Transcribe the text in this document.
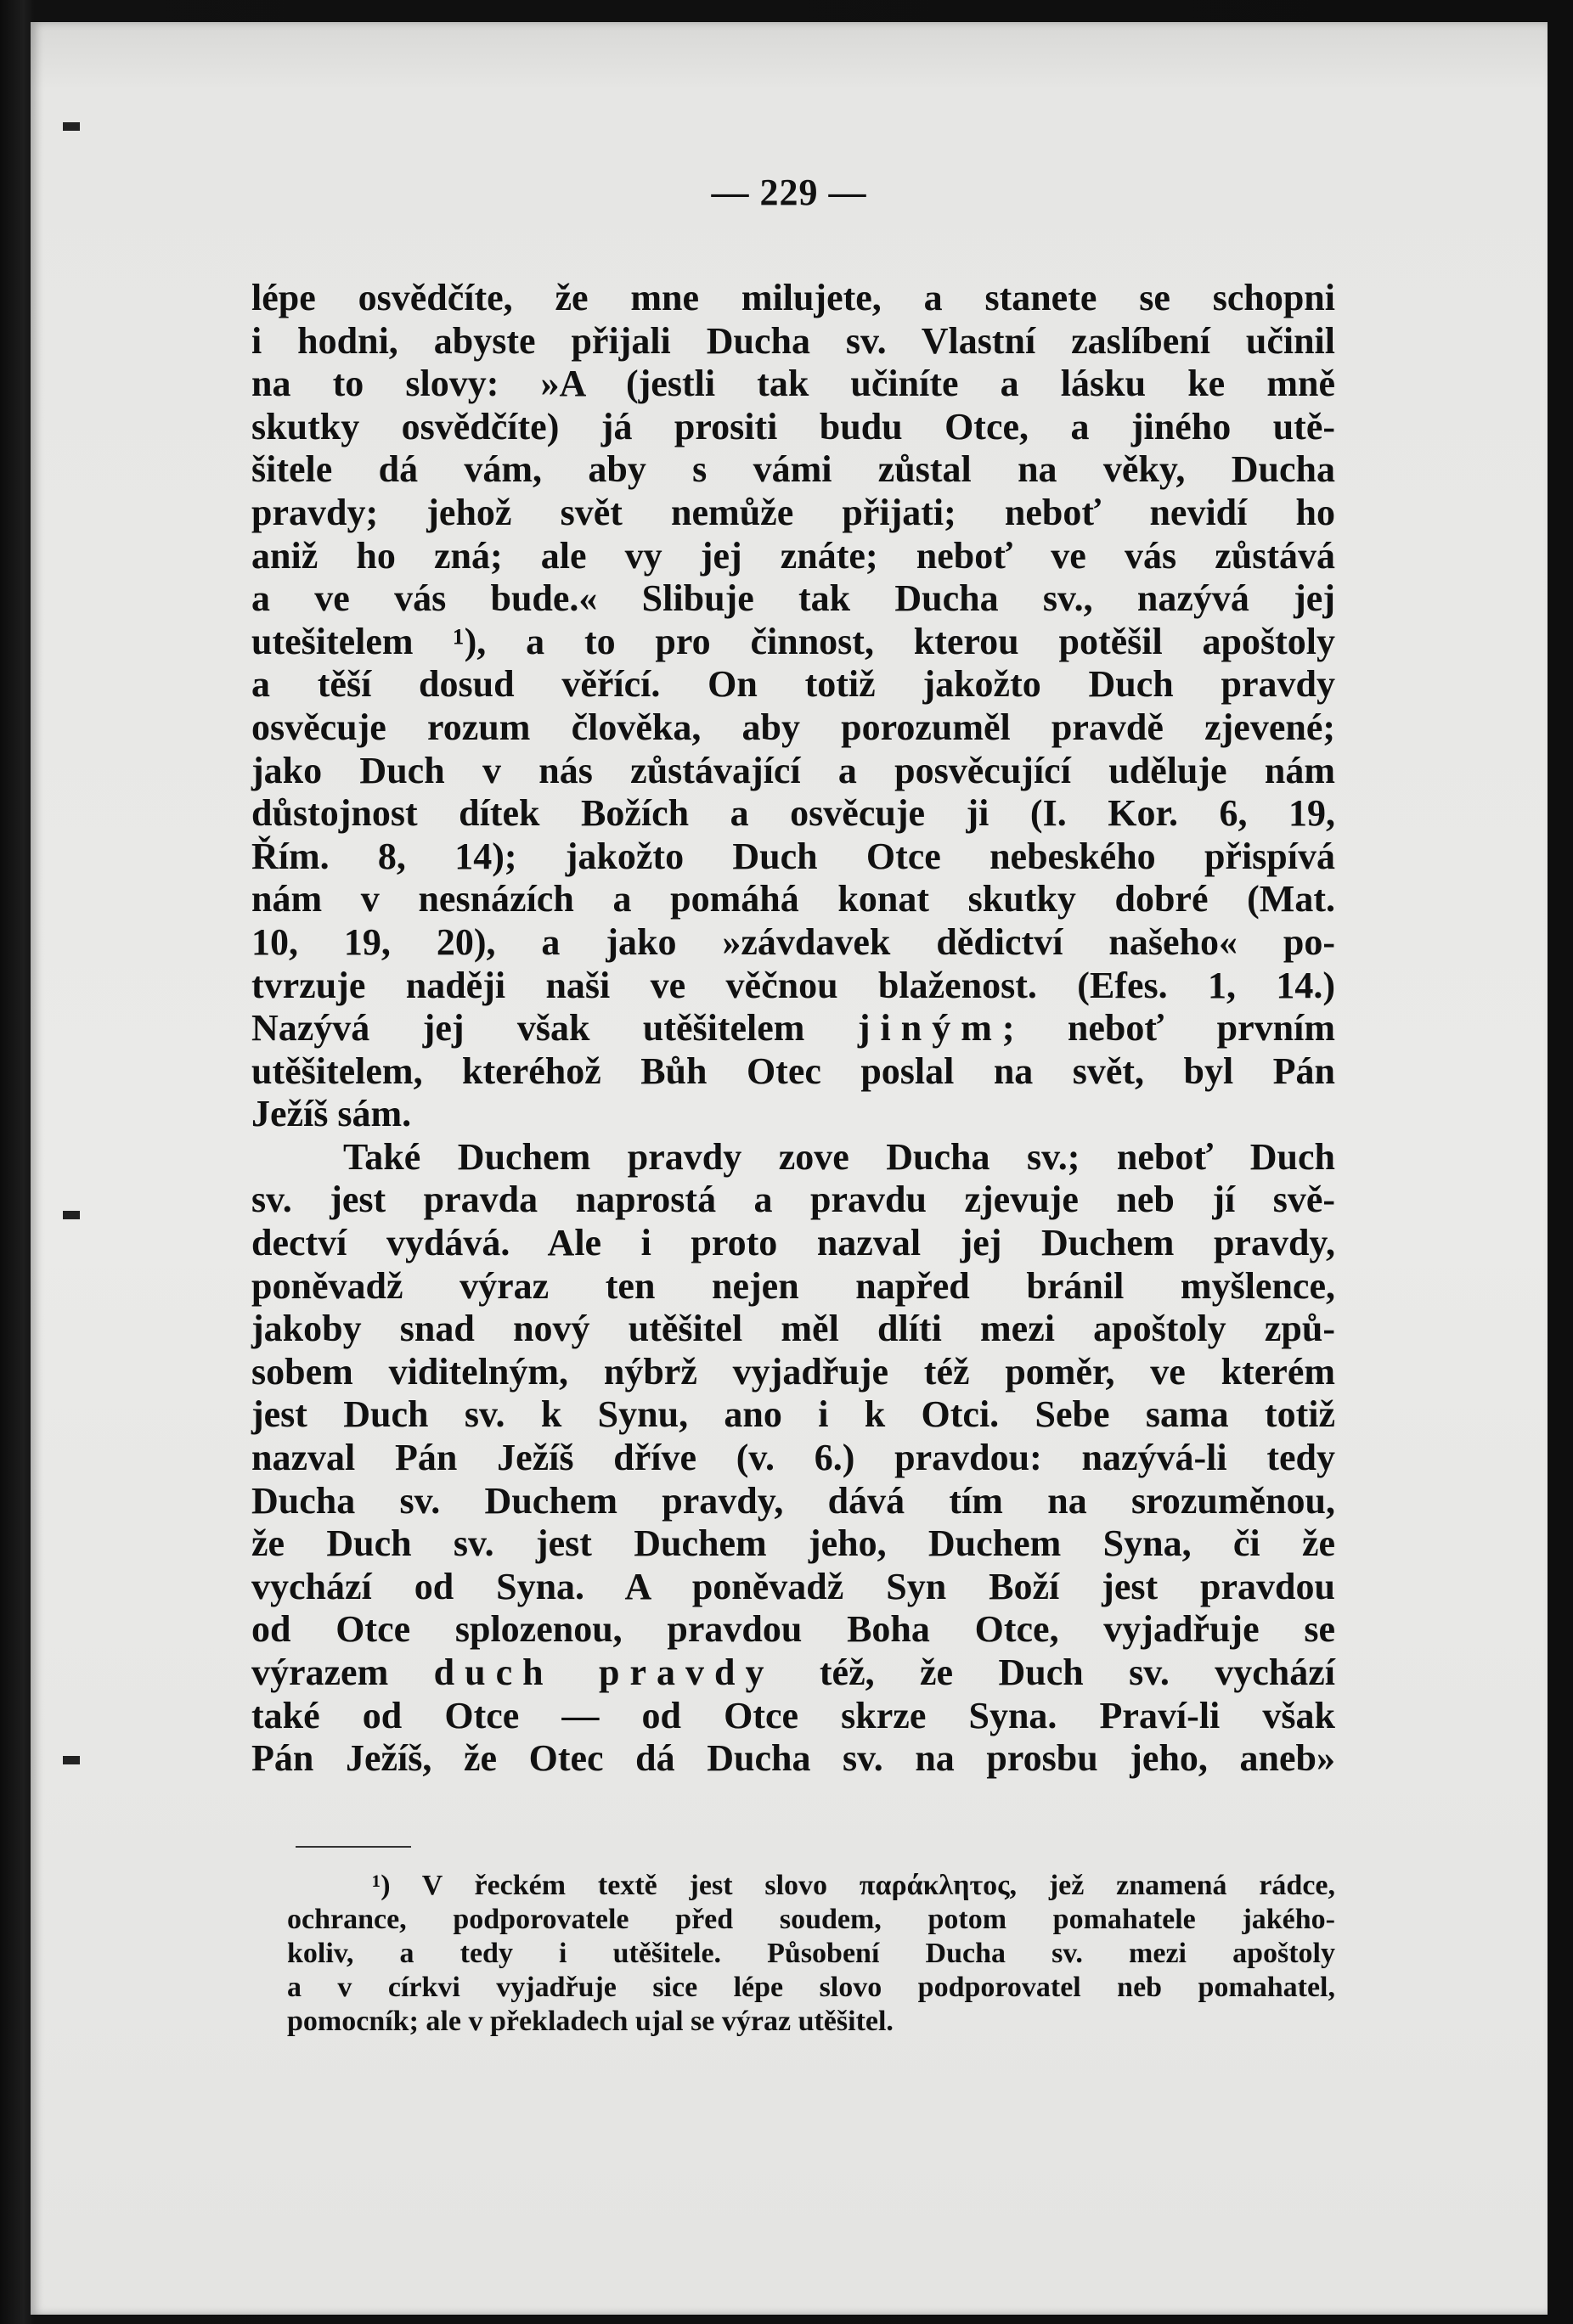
— 229 —
lépe osvědčíte, že mne milujete, a stanete se schopni
i hodni, abyste přijali Ducha sv. Vlastní zaslíbení učinil
na to slovy: »A (jestli tak učiníte a lásku ke mně
skutky osvědčíte) já prositi budu Otce, a jiného utě-
šitele dá vám, aby s vámi zůstal na věky, Ducha
pravdy; jehož svět nemůže přijati; neboť nevidí ho
aniž ho zná; ale vy jej znáte; neboť ve vás zůstává
a ve vás bude.« Slibuje tak Ducha sv., nazývá jej
utešitelem ¹), a to pro činnost, kterou potěšil apoštoly
a těší dosud věřící. On totiž jakožto Duch pravdy
osvěcuje rozum člověka, aby porozuměl pravdě zjevené;
jako Duch v nás zůstávající a posvěcující uděluje nám
důstojnost dítek Božích a osvěcuje ji (I. Kor. 6, 19,
Řím. 8, 14); jakožto Duch Otce nebeského přispívá
nám v nesnázích a pomáhá konat skutky dobré (Mat.
10, 19, 20), a jako »závdavek dědictví našeho« po-
tvrzuje naději naši ve věčnou blaženost. (Efes. 1, 14.)
Nazývá jej však utěšitelem jiným; neboť prvním
utěšitelem, kteréhož Bůh Otec poslal na svět, byl Pán
Ježíš sám.
Také Duchem pravdy zove Ducha sv.; neboť Duch
sv. jest pravda naprostá a pravdu zjevuje neb jí svě-
dectví vydává. Ale i proto nazval jej Duchem pravdy,
poněvadž výraz ten nejen napřed bránil myšlence,
jakoby snad nový utěšitel měl dlíti mezi apoštoly způ-
sobem viditelným, nýbrž vyjadřuje též poměr, ve kterém
jest Duch sv. k Synu, ano i k Otci. Sebe sama totiž
nazval Pán Ježíš dříve (v. 6.) pravdou: nazývá-li tedy
Ducha sv. Duchem pravdy, dává tím na srozuměnou,
že Duch sv. jest Duchem jeho, Duchem Syna, či že
vychází od Syna. A poněvadž Syn Boží jest pravdou
od Otce splozenou, pravdou Boha Otce, vyjadřuje se
výrazem duch pravdy též, že Duch sv. vychází
také od Otce — od Otce skrze Syna. Praví-li však
Pán Ježíš, že Otec dá Ducha sv. na prosbu jeho, aneb»
¹) V řeckém textě jest slovo παράκλητος, jež znamená rádce,
ochrance, podporovatele před soudem, potom pomahatele jakého-
koliv, a tedy i utěšitele. Působení Ducha sv. mezi apoštoly
a v církvi vyjadřuje sice lépe slovo podporovatel neb pomahatel,
pomocník; ale v překladech ujal se výraz utěšitel.
